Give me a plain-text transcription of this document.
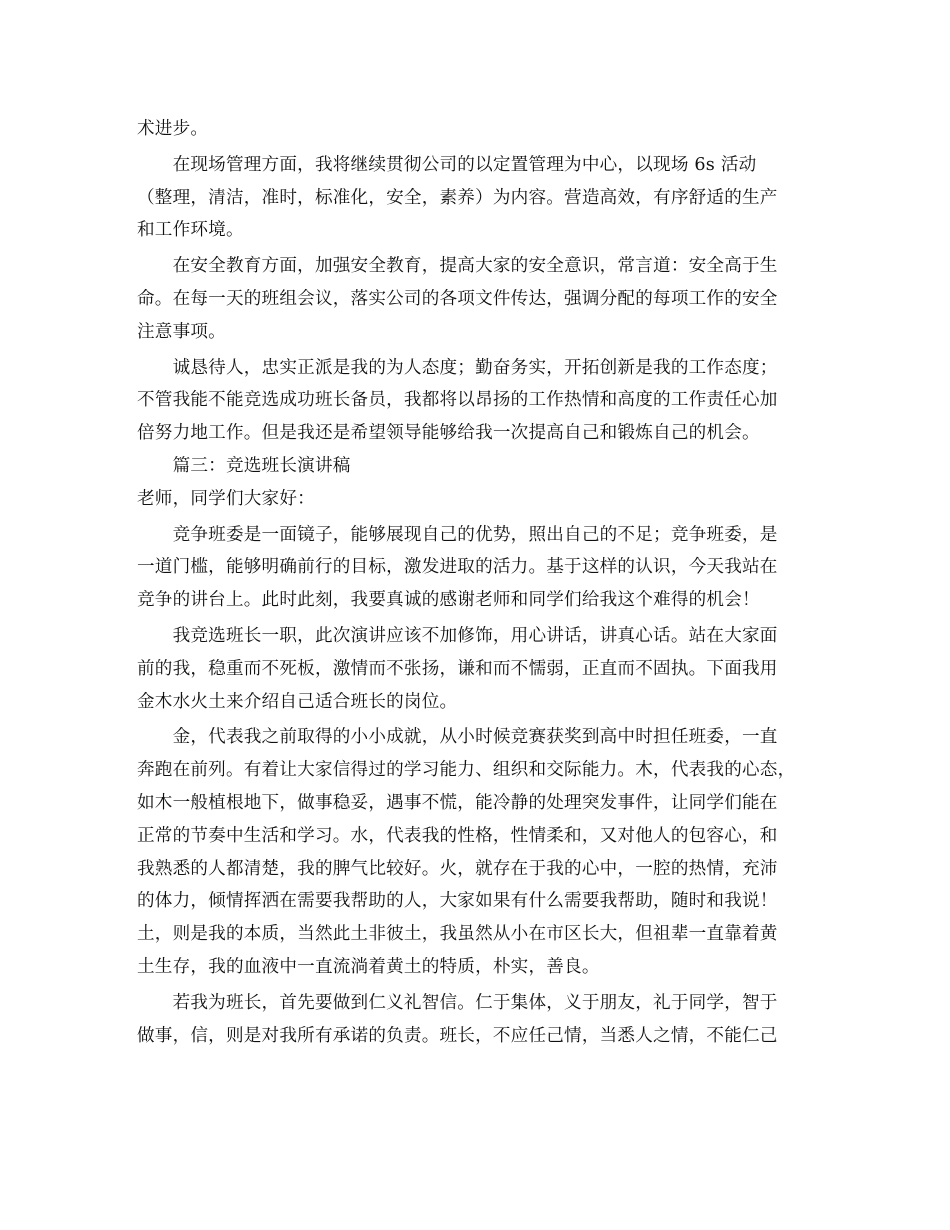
术进步。
　　在现场管理方面，我将继续贯彻公司的以定置管理为中心，以现场 6s 活动
（整理，清洁，准时，标准化，安全，素养）为内容。营造高效，有序舒适的生产
和工作环境。
　　在安全教育方面，加强安全教育，提高大家的安全意识，常言道：安全高于生
命。在每一天的班组会议，落实公司的各项文件传达，强调分配的每项工作的安全
注意事项。
　　诚恳待人，忠实正派是我的为人态度；勤奋务实，开拓创新是我的工作态度；
不管我能不能竞选成功班长备员，我都将以昂扬的工作热情和高度的工作责任心加
倍努力地工作。但是我还是希望领导能够给我一次提高自己和锻炼自己的机会。
　　篇三：竞选班长演讲稿
老师，同学们大家好：
　　竞争班委是一面镜子，能够展现自己的优势，照出自己的不足；竞争班委，是
一道门槛，能够明确前行的目标，激发进取的活力。基于这样的认识，今天我站在
竞争的讲台上。此时此刻，我要真诚的感谢老师和同学们给我这个难得的机会！
　　我竞选班长一职，此次演讲应该不加修饰，用心讲话，讲真心话。站在大家面
前的我，稳重而不死板，激情而不张扬，谦和而不懦弱，正直而不固执。下面我用
金木水火土来介绍自己适合班长的岗位。
　　金，代表我之前取得的小小成就，从小时候竞赛获奖到高中时担任班委，一直
奔跑在前列。有着让大家信得过的学习能力、组织和交际能力。木，代表我的心态，
如木一般植根地下，做事稳妥，遇事不慌，能冷静的处理突发事件，让同学们能在
正常的节奏中生活和学习。水，代表我的性格，性情柔和，又对他人的包容心，和
我熟悉的人都清楚，我的脾气比较好。火，就存在于我的心中，一腔的热情，充沛
的体力，倾情挥洒在需要我帮助的人，大家如果有什么需要我帮助，随时和我说！
土，则是我的本质，当然此土非彼土，我虽然从小在市区长大，但祖辈一直靠着黄
土生存，我的血液中一直流淌着黄土的特质，朴实，善良。
　　若我为班长，首先要做到仁义礼智信。仁于集体，义于朋友，礼于同学，智于
做事，信，则是对我所有承诺的负责。班长，不应任己情，当悉人之情，不能仁己
